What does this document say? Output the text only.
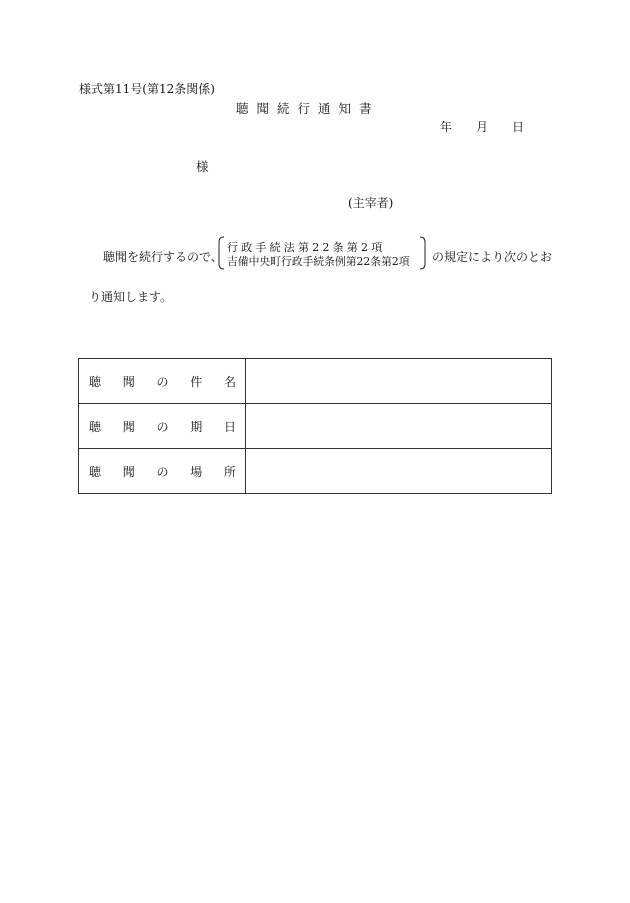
様式第11号(第12条関係)
聴聞続行通知書
年 月 日
様
(主宰者)
聴聞を続行するので、
行政手続法第22条第2項
吉備中央町行政手続条例第22条第2項 の規定により次のとお
り通知します。
聴 聞 の 件 名	

聴 聞 の 期 日	

聴 聞 の 場 所	
